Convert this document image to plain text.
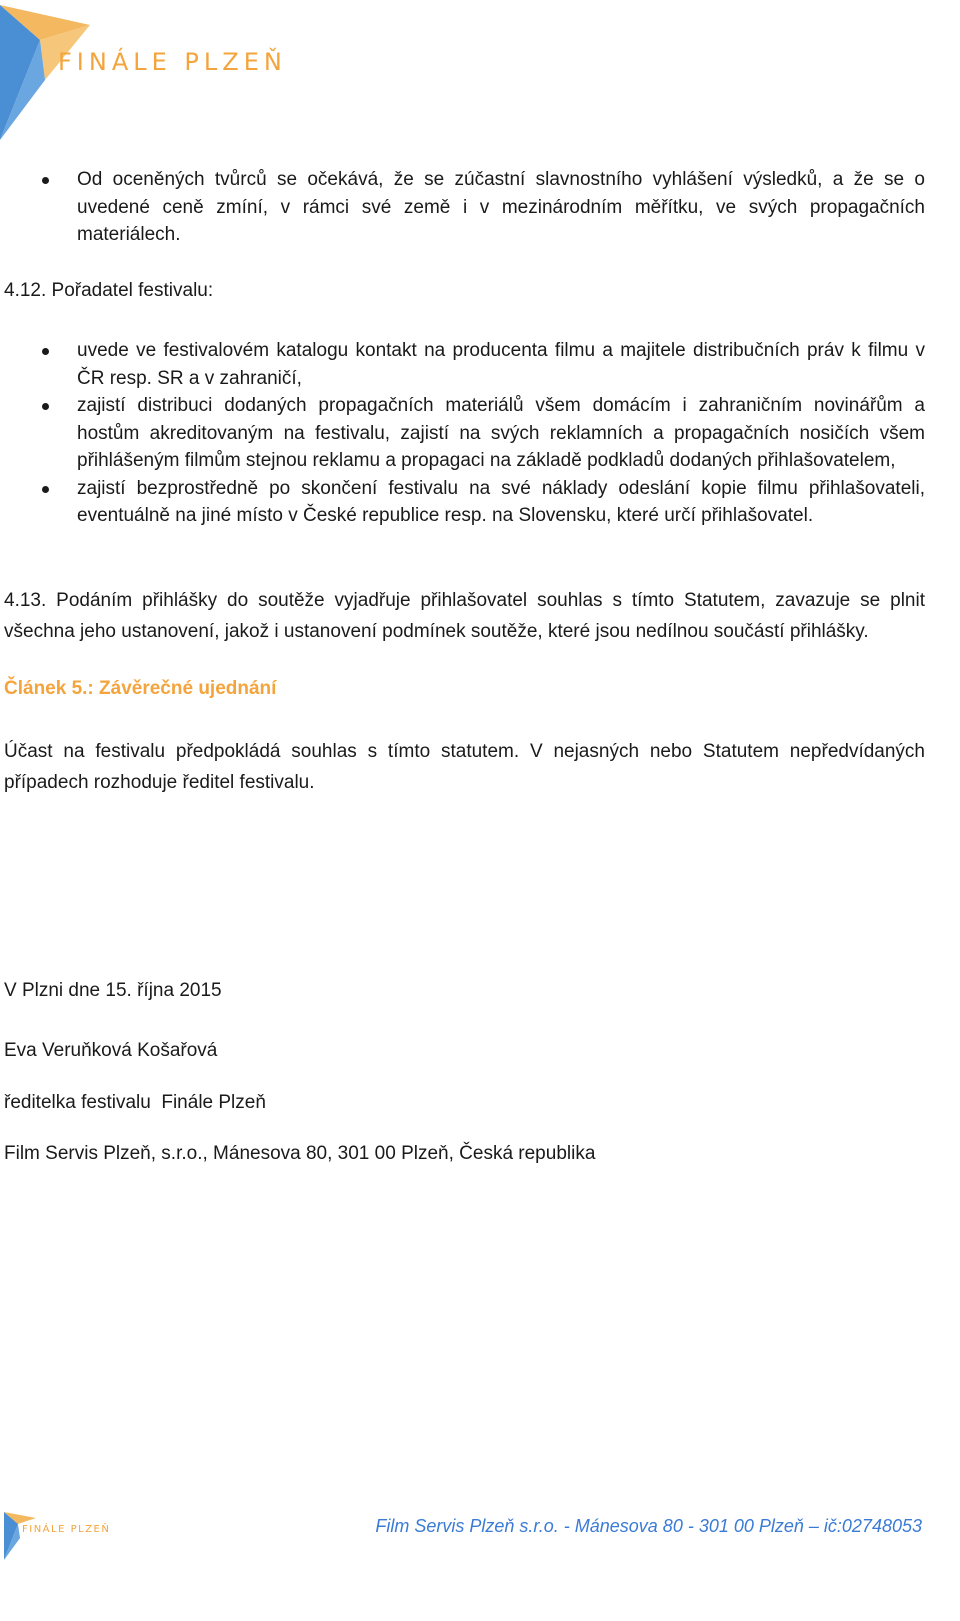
FINÁLE PLZEŇ
Od oceněných tvůrců se očekává, že se zúčastní slavnostního vyhlášení výsledků, a že se o uvedené ceně zmíní, v rámci své země i v mezinárodním měřítku, ve svých propagačních materiálech.
4.12. Pořadatel festivalu:
uvede ve festivalovém katalogu kontakt na producenta filmu a majitele distribučních práv k filmu v ČR resp. SR a v zahraničí,
zajistí distribuci dodaných propagačních materiálů všem domácím i zahraničním novinářům a hostům akreditovaným na festivalu, zajistí na svých reklamních a propagačních nosičích všem přihlášeným filmům stejnou reklamu a propagaci na základě podkladů dodaných přihlašovatelem,
zajistí bezprostředně po skončení festivalu na své náklady odeslání kopie filmu přihlašovateli, eventuálně na jiné místo v České republice resp. na Slovensku, které určí přihlašovatel.
4.13. Podáním přihlášky do soutěže vyjadřuje přihlašovatel souhlas s tímto Statutem, zavazuje se plnit všechna jeho ustanovení, jakož i ustanovení podmínek soutěže, které jsou nedílnou součástí přihlášky.
Článek 5.: Závěrečné ujednání
Účast na festivalu předpokládá souhlas s tímto statutem. V nejasných nebo Statutem nepředvídaných případech rozhoduje ředitel festivalu.
V Plzni dne 15. října 2015
Eva Veruňková Košařová
ředitelka festivalu  Finále Plzeň
Film Servis Plzeň, s.r.o., Mánesova 80, 301 00 Plzeň, Česká republika
FINÁLE PLZEŇ	Film Servis Plzeň s.r.o. - Mánesova 80 - 301 00 Plzeň – ič:02748053
